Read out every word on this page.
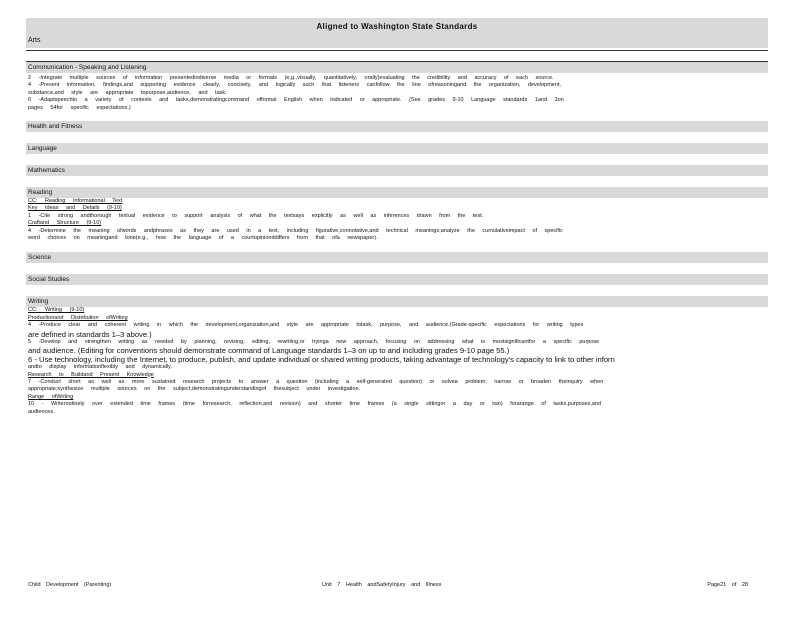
Aligned to Washington State Standards
Arts
Communication - Speaking and Listening
2 -Integrate multiple sources of information presentedindiverse media or formats (e.g.,visually, quantitatively, orally)evaluating the credibility and accuracy of each source.
4 -Present information, findings,and supporting evidence clearly, concisely, and logically such that listeners canfollow the line ofreasoningand the organization, development,
substance,and style are appropriate topurpose,audience, and task.
6 -Adaptspeechto a variety of contexts and tasks,demonstratingcommand offormal English when indicated or appropriate. (See grades 9-10 Language standards 1and 3on
pages 54for specific expectations.)
Health and Fitness
Language
Mathematics
Reading
CC: Reading Informational Text
Key Ideas and Details (9-10)
1 -Cite strong andthorough textual evidence to support analysis of what the textsays explicitly as well as inferences drawn from the text.
Craftand Structure (9-10)
4 -Determine the meaning ofwords andphrases as they are used in a text, including figurative,connotative,and technical meanings;analyze the cumulativeimpact of specific
word choices on meaningand tone(e.g., how the language of a courtopinionddiffers from that ofa newspaper).
Science
Social Studies
Writing
CC: Writing (9-10)
Productionand Distribution ofWriting
4 -Produce clear and coherent writing in which the development,organization,and style are appropriate totask, purpose, and audience.(Grade-specific expectations for writing types
are defined in standards 1–3 above.)
5 -Develop and strengthen writing as needed by planning, revising, editing, rewriting,or tryinga new approach, focusing on addressing what is mostsignificantfor a specific purpose
and audience. (Editing for conventions should demonstrate command of Language standards 1–3 on up to and including grades 9-10 page 55.)
6 - Use technology, including the Internet, to produce, publish, and update individual or shared writing products, taking advantage of technology's capacity to link to other inforn
andto display informationflexibly and dynamically.
Research to Buildand Present Knowledge
7 -Conduct short as well as more sustained research projects to answer a question (including a self-generated question) or solvea problem; narrow or broaden theinquiry when
appropriate;synthesize multiple sources on the subject,demonstratingunderstandingof thesubject under investigation.
Range ofWriting
10 - Writeroutinely over extended time frames (time forresearch, reflection,and revision) and shorter time frames (a single sittingor a day or two) forarange of tasks,purposes,and
audiences.
Child Development (Parenting)	Unit 7 Health andSafetyInjury and Illness	Page21 of 28
